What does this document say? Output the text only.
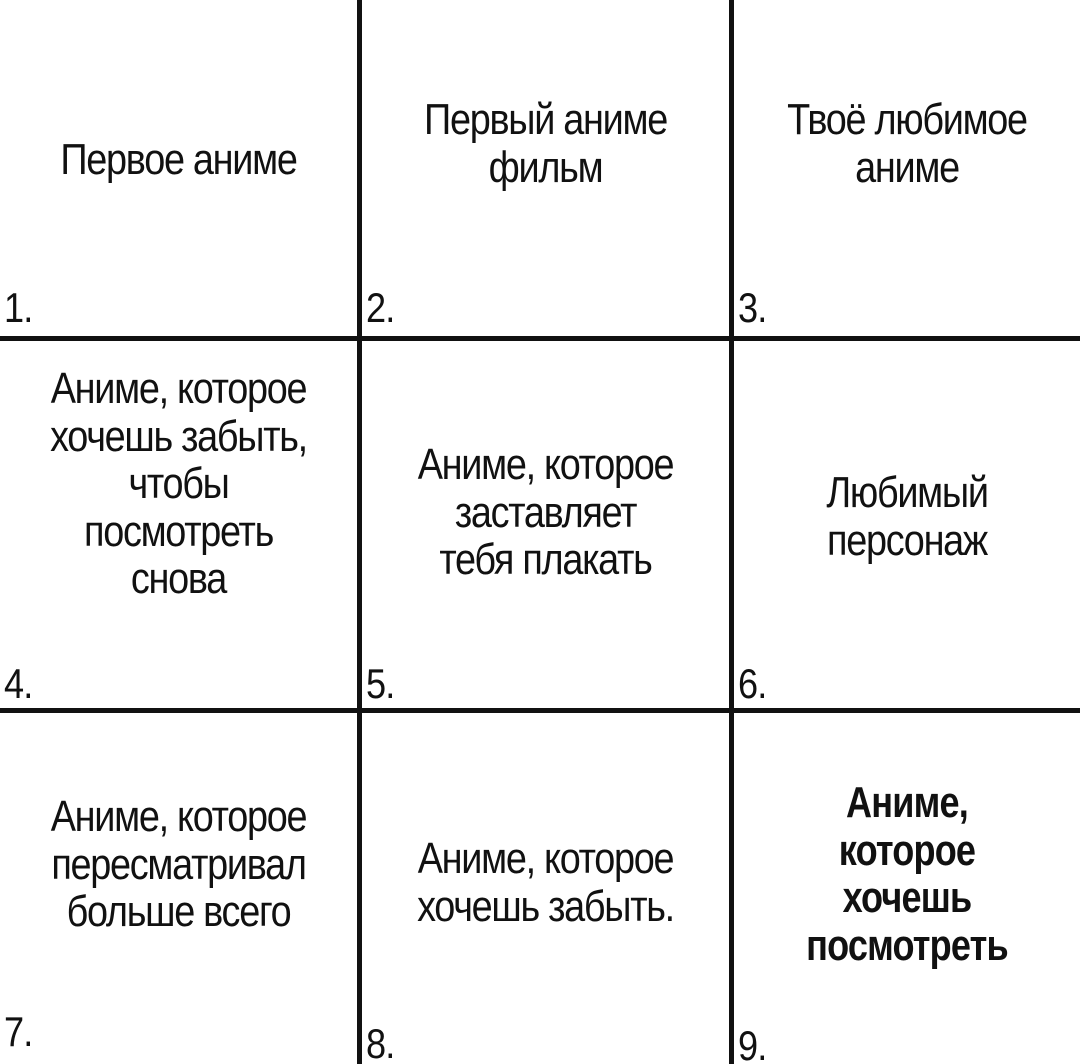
Первое аниме
1.
Первый аниме
фильм
2.
Твоё любимое
аниме
3.
Аниме, которое
хочешь забыть,
чтобы
посмотреть
снова
4.
Аниме, которое
заставляет
тебя плакать
5.
Любимый
персонаж
6.
Аниме, которое
пересматривал
больше всего
7.
Аниме, которое
хочешь забыть.
8.
Аниме,
которое
хочешь
посмотреть
9.
